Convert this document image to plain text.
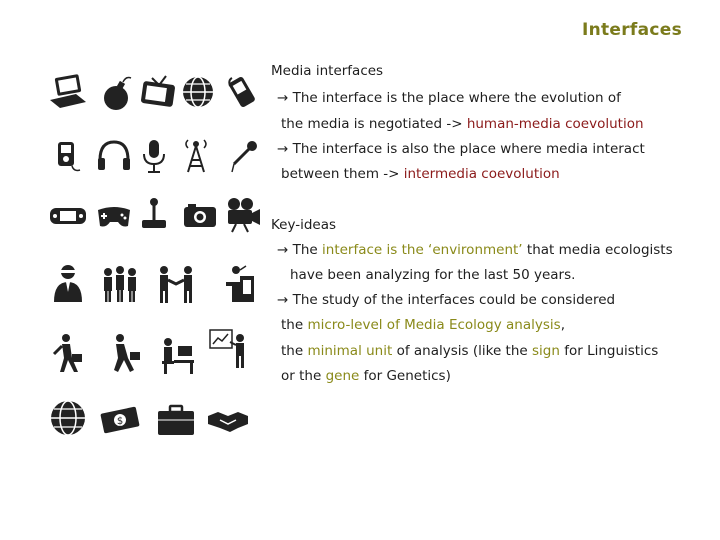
Interfaces
$
Media interfaces
→ The interface is the place where the evolution of
the media is negotiated -> human-media coevolution
→ The interface is also the place where media interact
between them -> intermedia coevolution
Key-ideas
→ The interface is the ‘environment’ that media ecologists
have been analyzing for the last 50 years.
→ The study of the interfaces could be considered
the micro-level of Media Ecology analysis,
the minimal unit of analysis (like the sign for Linguistics
or the gene for Genetics)
